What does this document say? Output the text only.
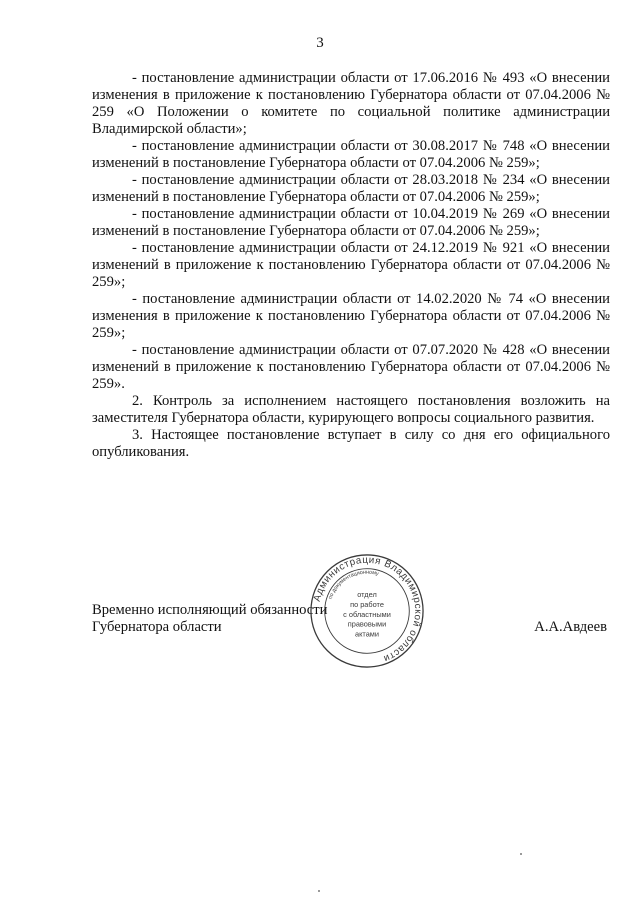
3

- постановление администрации области от 17.06.2016 № 493 «О внесении изменения в приложение к постановлению Губернатора области от 07.04.2006 № 259 «О Положении о комитете по социальной политике администрации Владимирской области»;

- постановление администрации области от 30.08.2017 № 748 «О внесении изменений в постановление Губернатора области от 07.04.2006 № 259»;

- постановление администрации области от 28.03.2018 № 234 «О внесении изменений в постановление Губернатора области от 07.04.2006 № 259»;

- постановление администрации области от 10.04.2019 № 269 «О внесении изменений в постановление Губернатора области от 07.04.2006 № 259»;

- постановление администрации области от 24.12.2019 № 921 «О внесении изменений в приложение к постановлению Губернатора области от 07.04.2006 № 259»;

- постановление администрации области от 14.02.2020 № 74 «О внесении изменения в приложение к постановлению Губернатора области от 07.04.2006 № 259»;

- постановление администрации области от 07.07.2020 № 428 «О внесении изменений в приложение к постановлению Губернатора области от 07.04.2006 № 259».

2. Контроль за исполнением настоящего постановления возложить на заместителя Губернатора области, курирующего вопросы социального развития.

3. Настоящее постановление вступает в силу со дня его официального опубликования.

Временно исполняющий обязанности
Губернатора области	А.А.Авдеев
Администрация Владимирской области
по документационному
отдел
по работе
с областными
правовыми
актами
